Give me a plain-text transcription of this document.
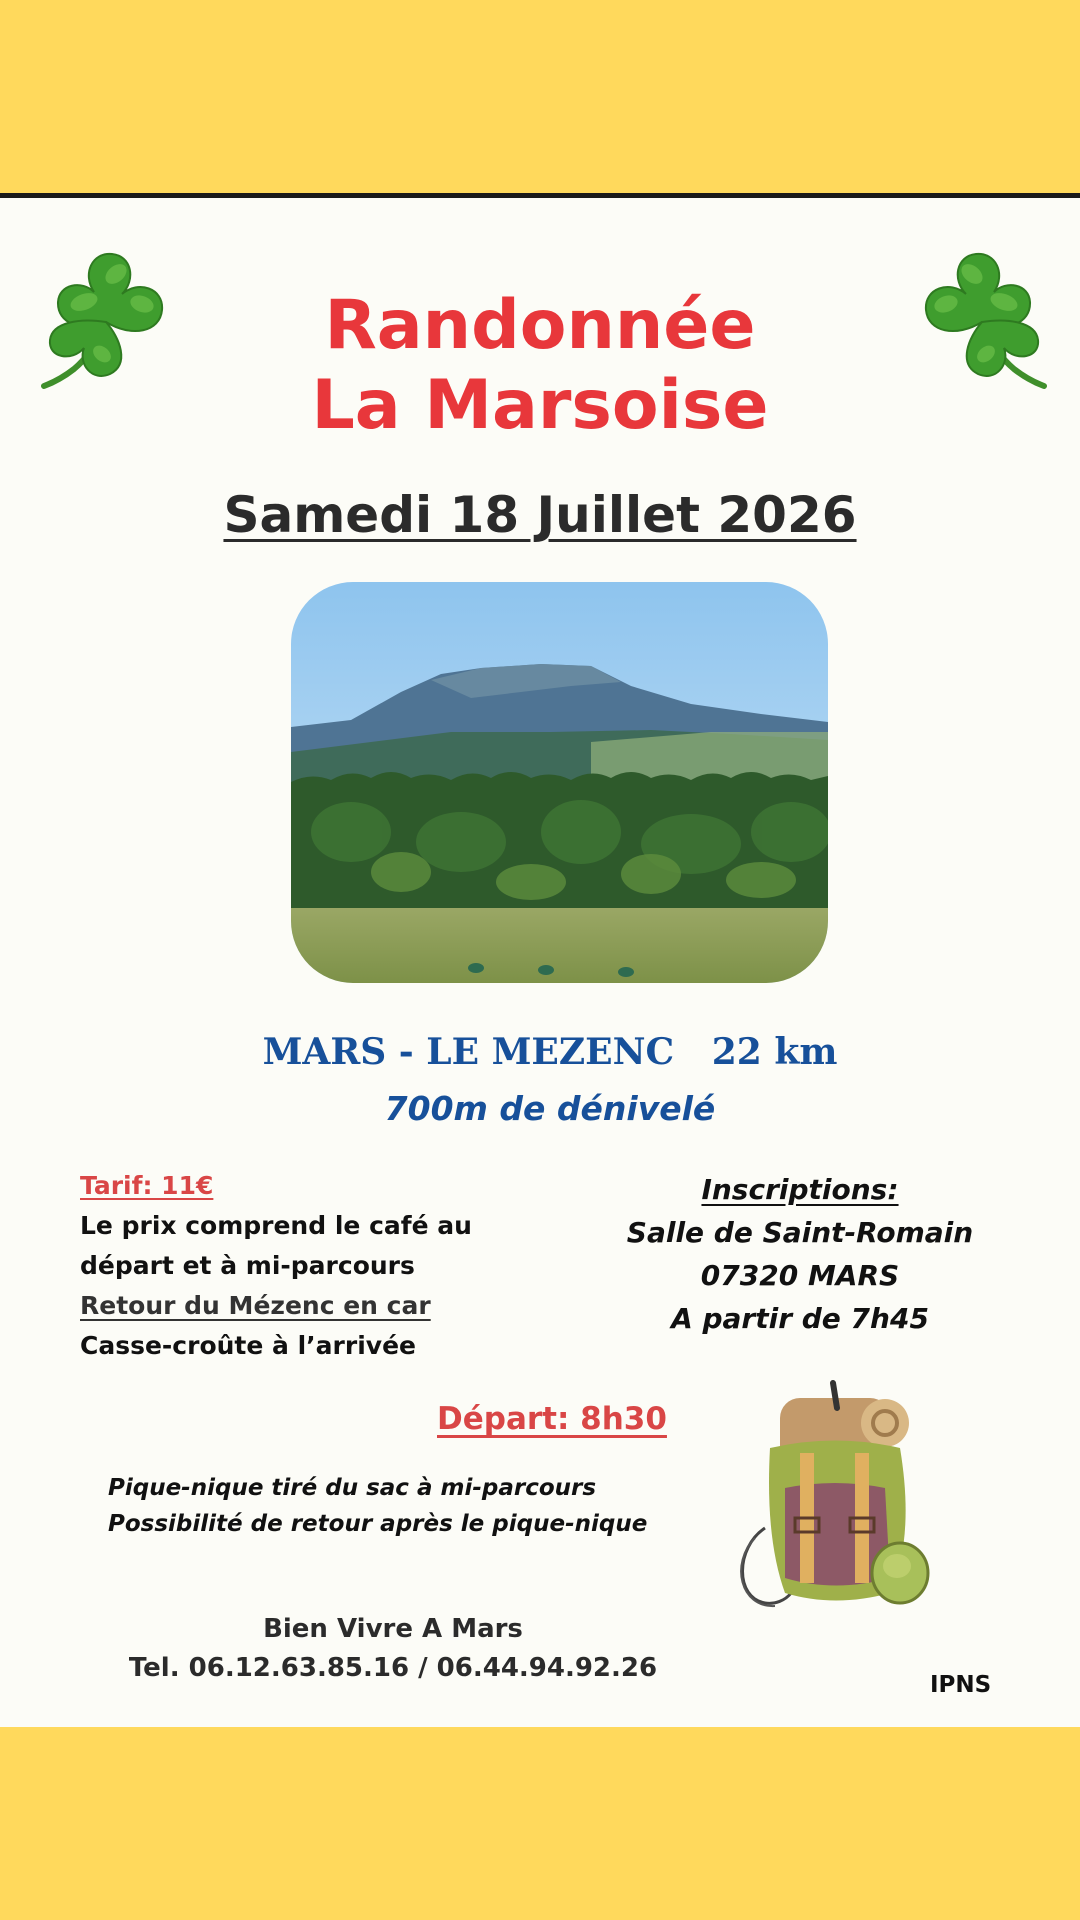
Randonnée
La Marsoise
Samedi 18 Juillet 2026
MARS - LE MEZENC 22 km
700m de dénivelé
Tarif: 11€
Le prix comprend le café au
départ et à mi-parcours
Retour du Mézenc en car
Casse-croûte à l’arrivée
Inscriptions:
Salle de Saint-Romain
07320 MARS
A partir de 7h45
Départ: 8h30
Pique-nique tiré du sac à mi-parcours
Possibilité de retour après le pique-nique
Bien Vivre A Mars
Tel. 06.12.63.85.16 / 06.44.94.92.26
IPNS
